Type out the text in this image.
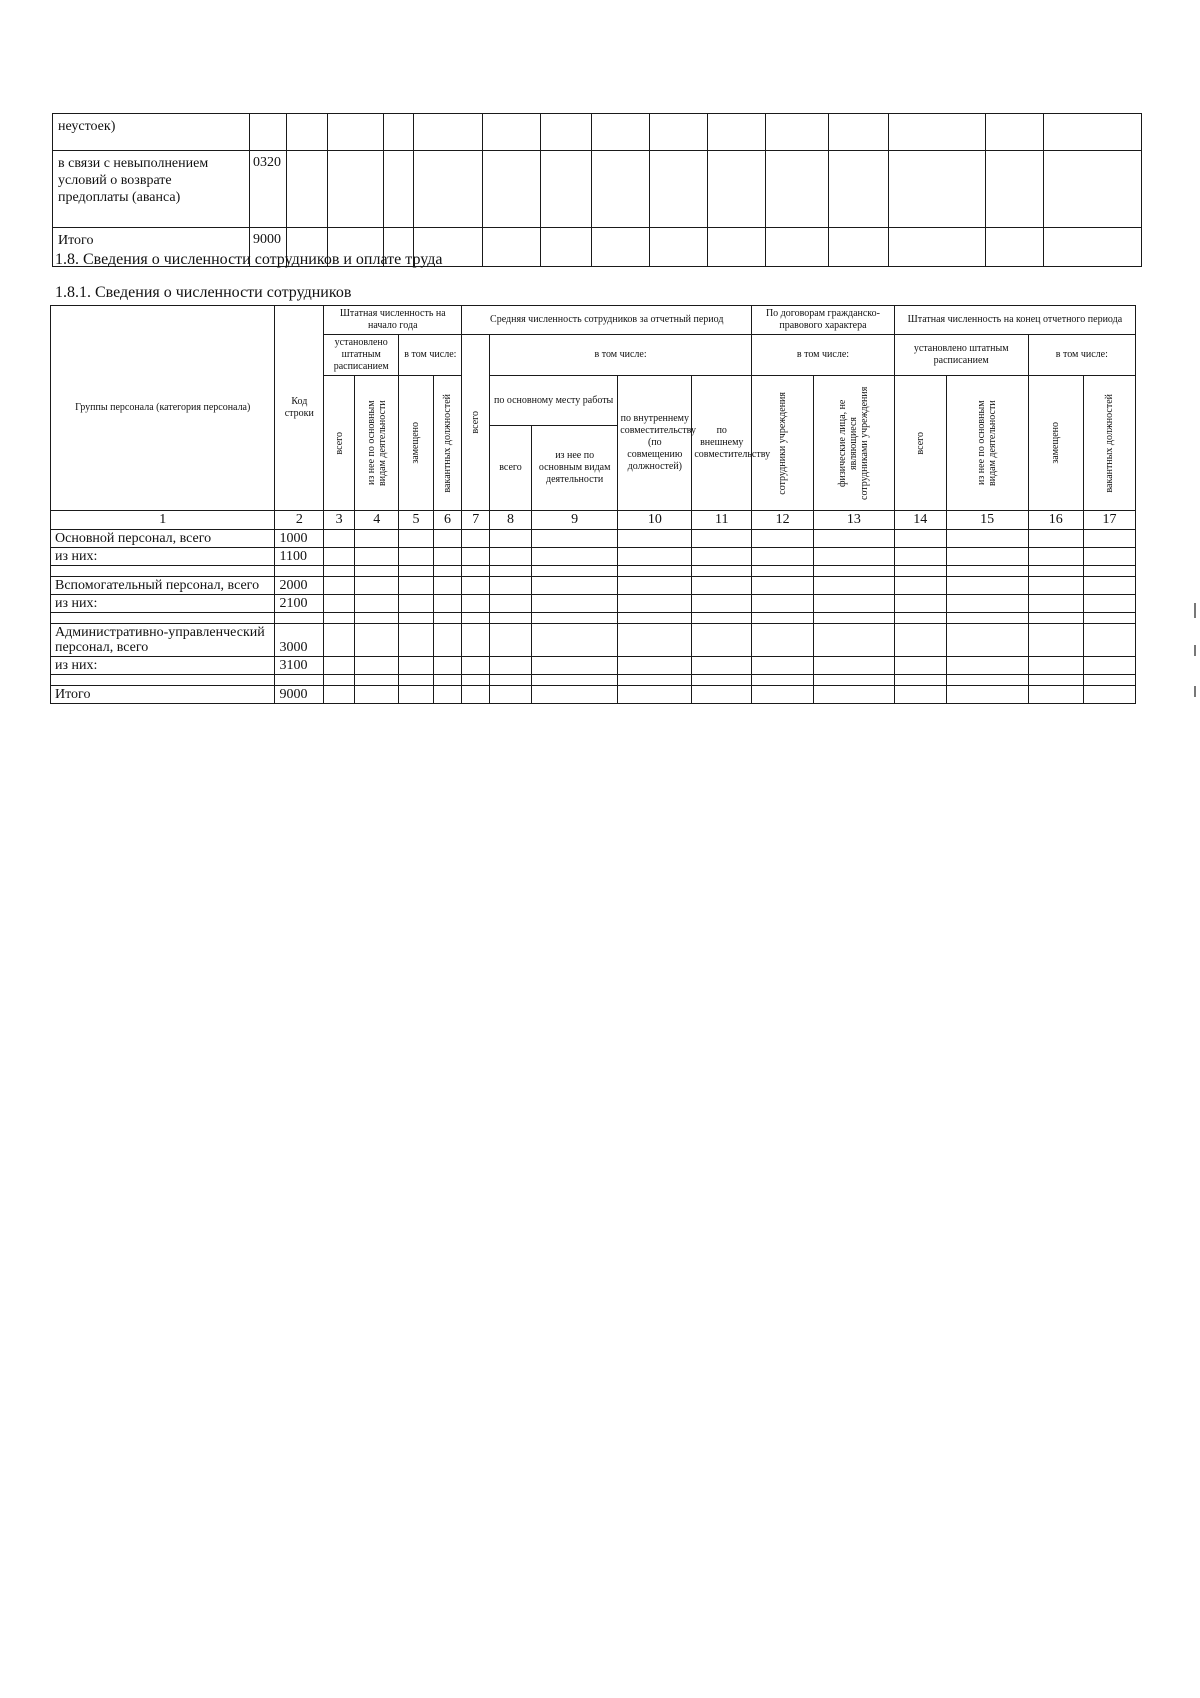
неустоек)															
в связи с невыполнением условий о возврате предоплаты (аванса)	0320														
Итого	9000														
1.8. Сведения о численности сотрудников и оплате труда
1.8.1. Сведения о численности сотрудников
Группы персонала (категория персонала)	Код строки	Штатная численность на начало года				Средняя численность сотрудников за отчетный период					По договорам гражданско-правового характера		Штатная численность на конец отчетного периода			
		установлено штатным расписанием		в том числе:		всего	в том числе:				в том числе:		установлено штатным расписанием		в том числе:	

		всего	из нее по основным видам деятельности	замещено	вакантных должностей		по основному месту работы		по внутреннему совместительству (по совмещению должностей)	по внешнему совместительству	сотрудники учреждения	физические лица, не являющиеся сотрудниками учреждения	всего	из нее по основным видам деятельности	замещено	вакантных должностей

							всего	из нее по основным видам деятельности								
1	2	3	4	5	6	7	8	9	10	11	12	13	14	15	16	17
Основной персонал, всего	1000															
из них:	1100															

Вспомогательный персонал, всего	2000															
из них:	2100															

Административно-управленческий персонал, всего	3000															
из них:	3100															

Итого	9000															
